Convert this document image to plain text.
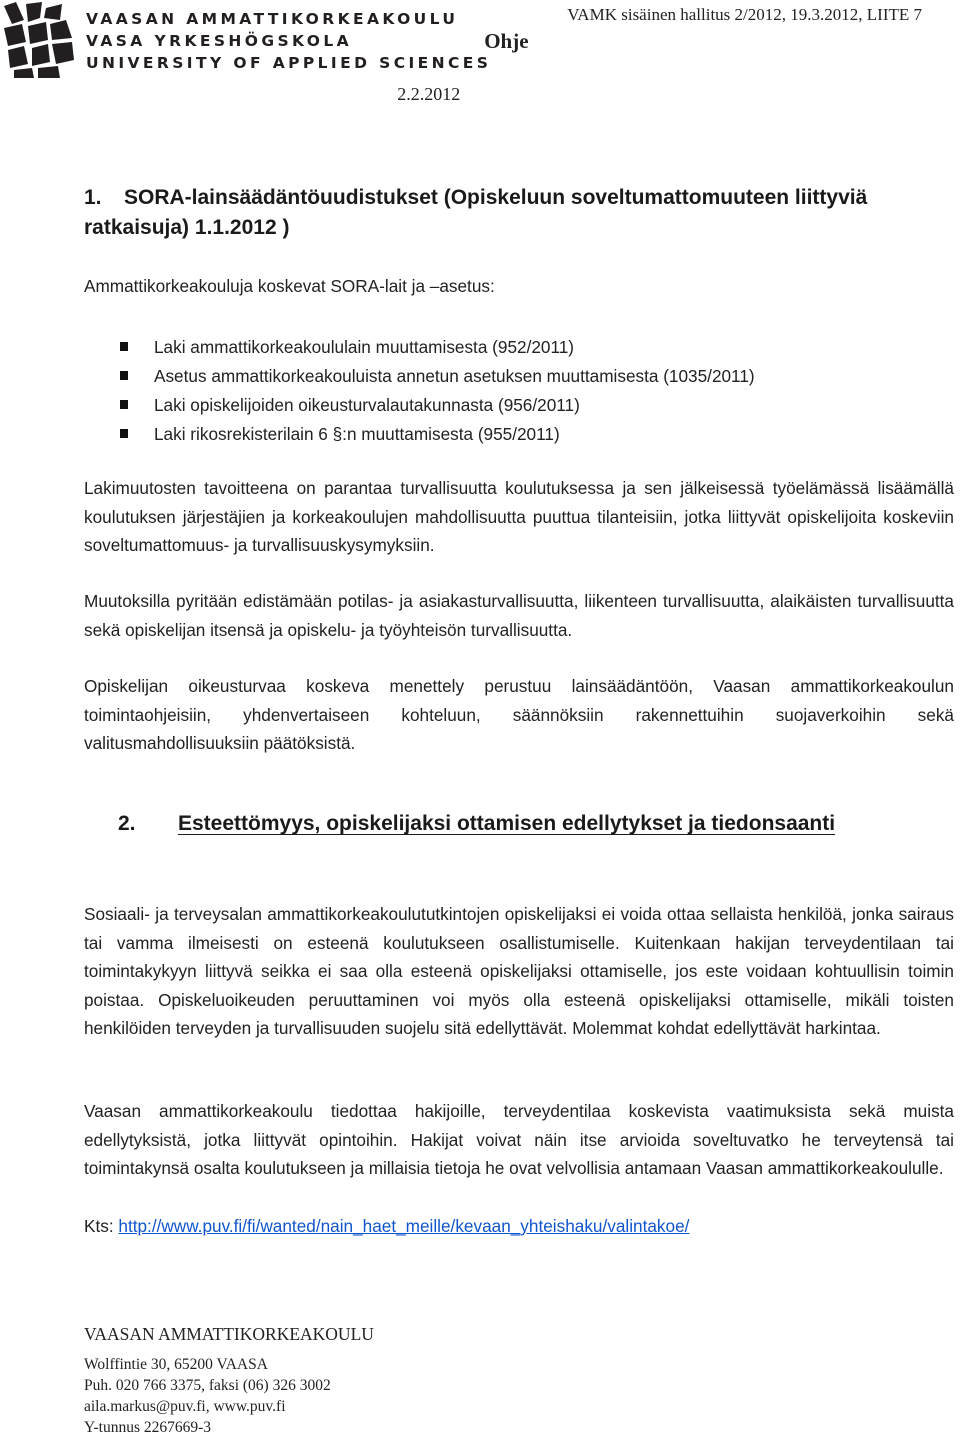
VAASAN AMMATTIKORKEAKOULU
VASA YRKESHÖGSKOLA
UNIVERSITY OF APPLIED SCIENCES
VAMK sisäinen hallitus 2/2012, 19.3.2012, LIITE 7
Ohje
2.2.2012
1. SORA-lainsäädäntöuudistukset (Opiskeluun soveltumattomuuteen liittyviä ratkaisuja) 1.1.2012 )
Ammattikorkeakouluja koskevat SORA-lait ja –asetus:
Laki ammattikorkeakoululain muuttamisesta (952/2011)
Asetus ammattikorkeakouluista annetun asetuksen muuttamisesta (1035/2011)
Laki opiskelijoiden oikeusturvalautakunnasta (956/2011)
Laki rikosrekisterilain 6 §:n muuttamisesta (955/2011)
Lakimuutosten tavoitteena on parantaa turvallisuutta koulutuksessa ja sen jälkeisessä työelämässä lisäämällä koulutuksen järjestäjien ja korkeakoulujen mahdollisuutta puuttua tilanteisiin, jotka liittyvät opiskelijoita koskeviin soveltumattomuus- ja turvallisuuskysymyksiin.
Muutoksilla pyritään edistämään potilas- ja asiakasturvallisuutta, liikenteen turvallisuutta, alaikäisten turvallisuutta sekä opiskelijan itsensä ja opiskelu- ja työyhteisön turvallisuutta.
Opiskelijan oikeusturvaa koskeva menettely perustuu lainsäädäntöön, Vaasan ammattikorkeakoulun toimintaohjeisiin, yhdenvertaiseen kohteluun, säännöksiin rakennettuihin suojaverkoihin sekä valitusmahdollisuuksiin päätöksistä.
2. Esteettömyys, opiskelijaksi ottamisen edellytykset ja tiedonsaanti
Sosiaali- ja terveysalan ammattikorkeakoulututkintojen opiskelijaksi ei voida ottaa sellaista henkilöä, jonka sairaus tai vamma ilmeisesti on esteenä koulutukseen osallistumiselle. Kuitenkaan hakijan terveydentilaan tai toimintakykyyn liittyvä seikka ei saa olla esteenä opiskelijaksi ottamiselle, jos este voidaan kohtuullisin toimin poistaa. Opiskeluoikeuden peruuttaminen voi myös olla esteenä opiskelijaksi ottamiselle, mikäli toisten henkilöiden terveyden ja turvallisuuden suojelu sitä edellyttävät. Molemmat kohdat edellyttävät harkintaa.
Vaasan ammattikorkeakoulu tiedottaa hakijoille, terveydentilaa koskevista vaatimuksista sekä muista edellytyksistä, jotka liittyvät opintoihin. Hakijat voivat näin itse arvioida soveltuvatko he terveytensä tai toimintakynsä osalta koulutukseen ja millaisia tietoja he ovat velvollisia antamaan Vaasan ammattikorkeakoululle.
Kts: http://www.puv.fi/fi/wanted/nain_haet_meille/kevaan_yhteishaku/valintakoe/
VAASAN AMMATTIKORKEAKOULU
Wolffintie 30, 65200 VAASA
Puh. 020 766 3375, faksi (06) 326 3002
aila.markus@puv.fi, www.puv.fi
Y-tunnus 2267669-3
